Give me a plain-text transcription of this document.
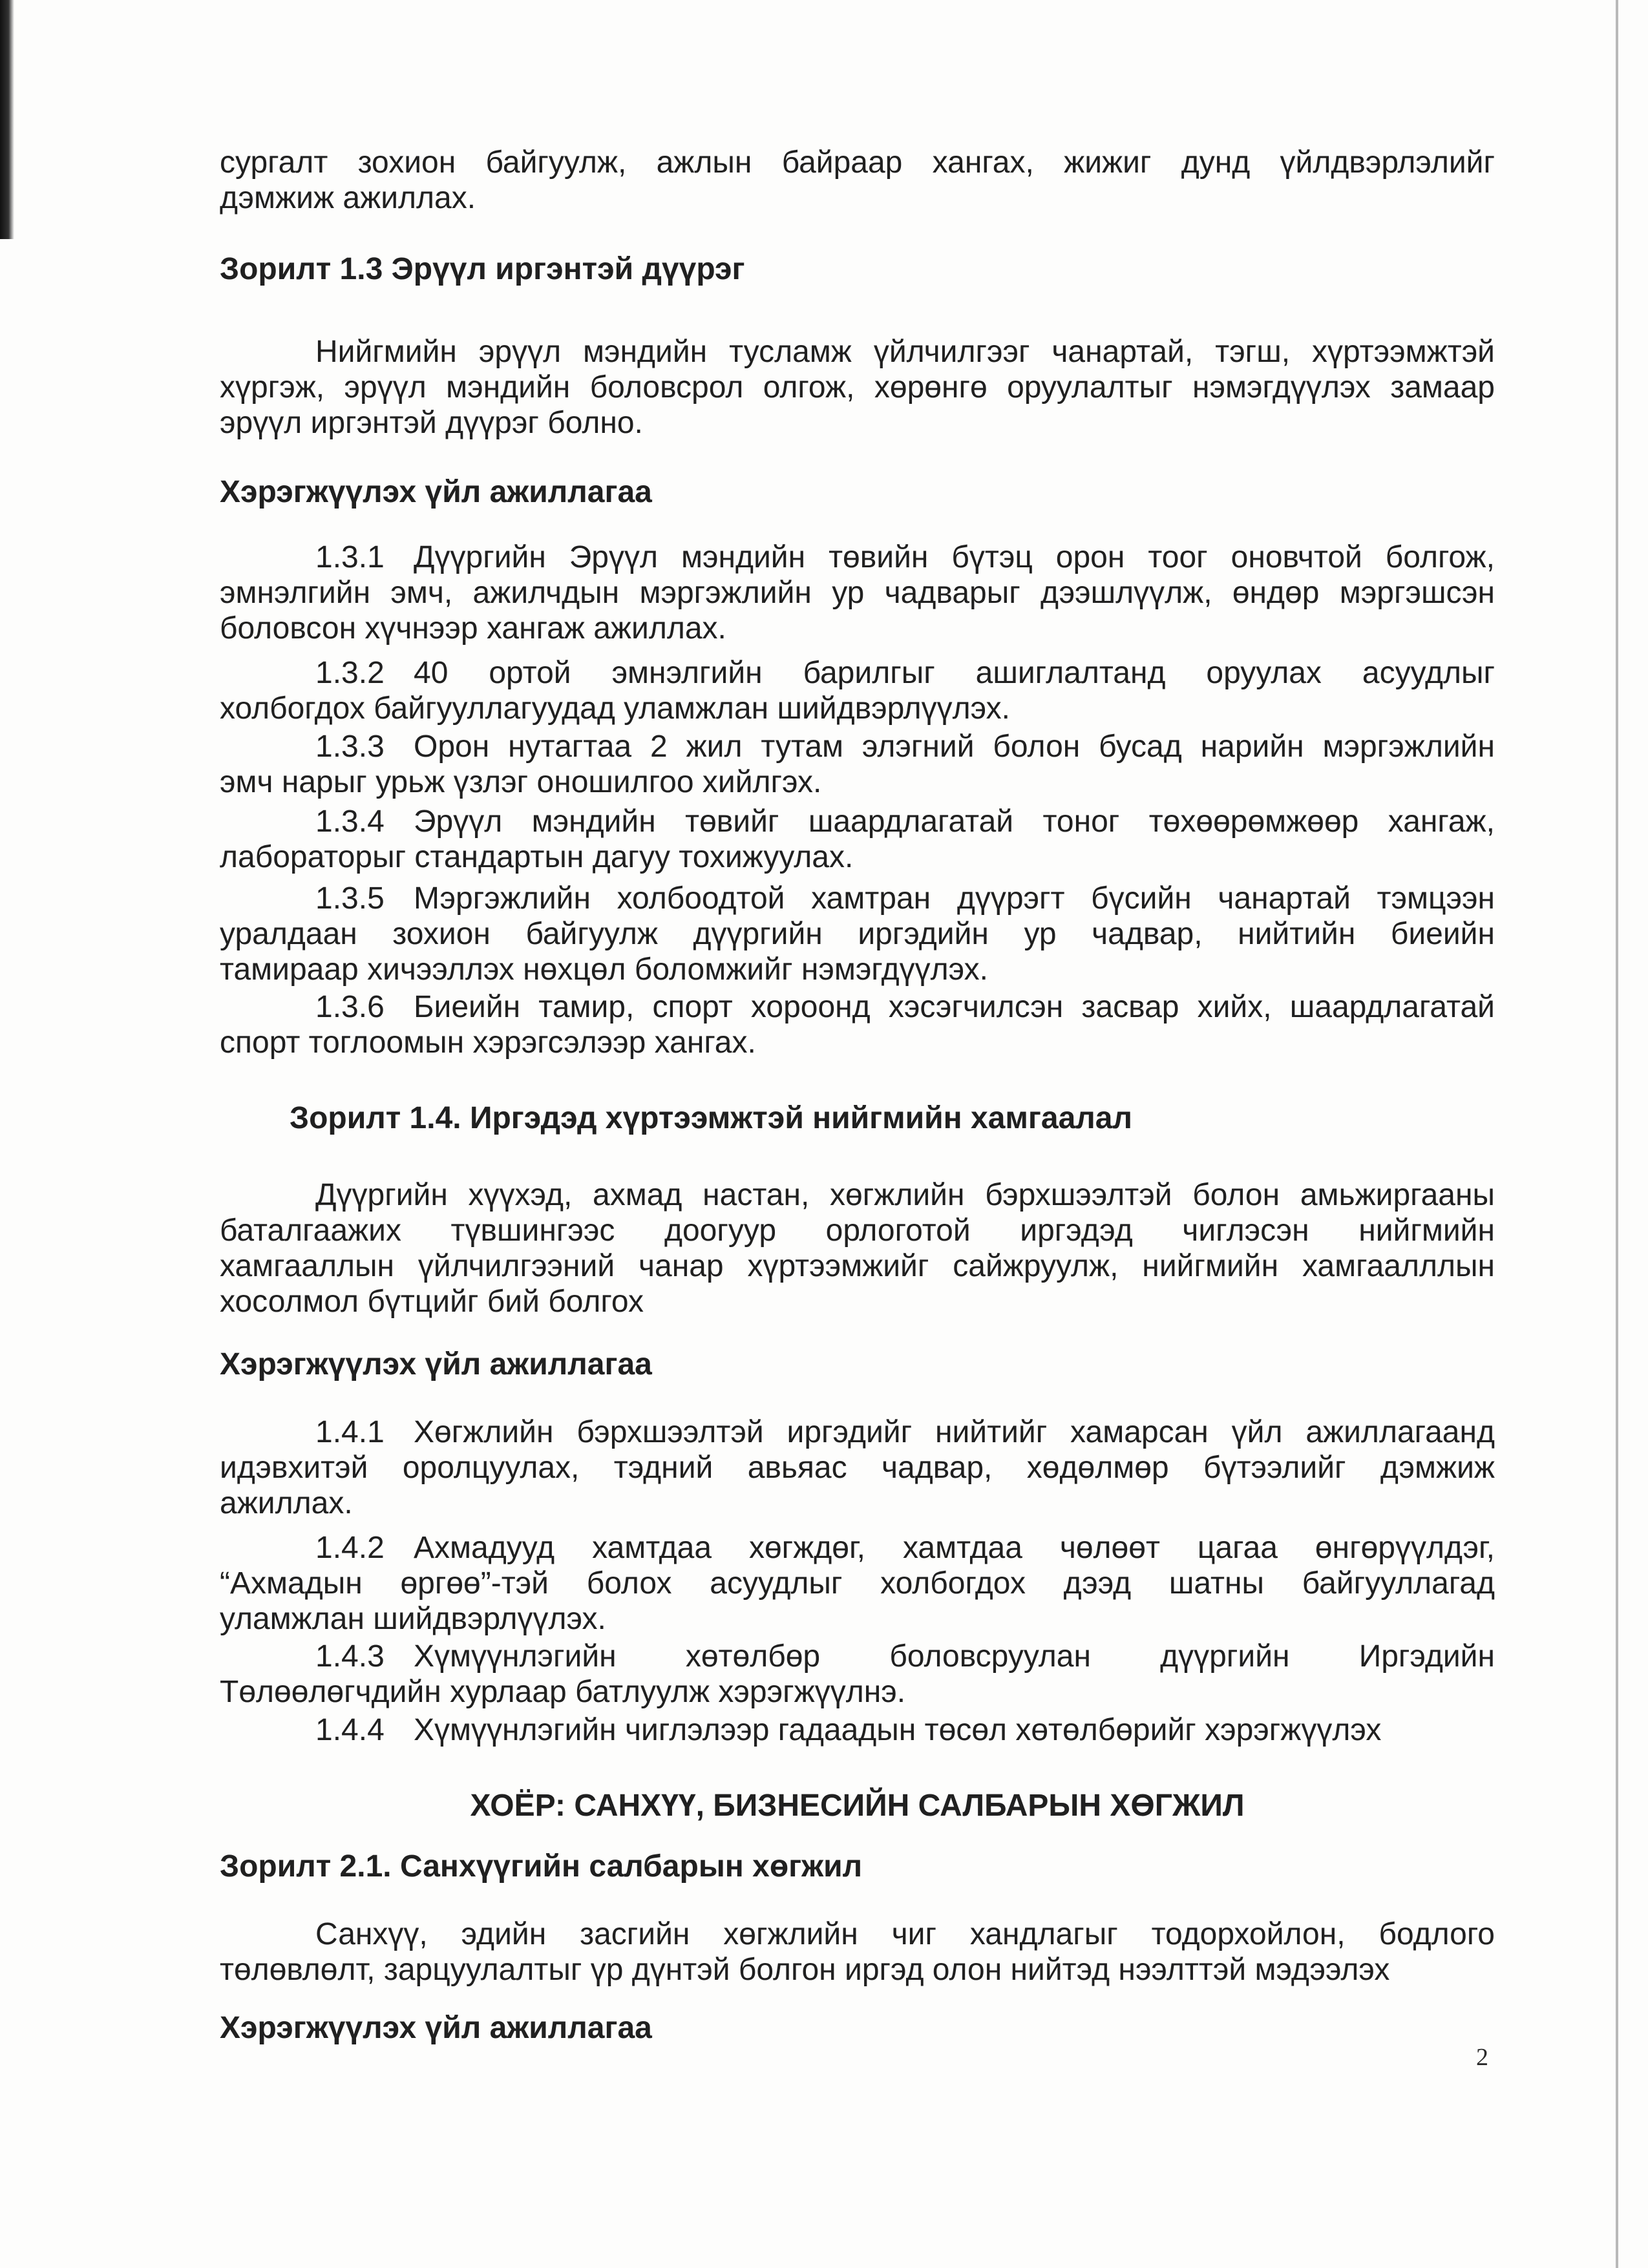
сургалт зохион байгуулж, ажлын байраар хангах, жижиг дунд үйлдвэрлэлийг
дэмжиж ажиллах.
Зорилт 1.3 Эрүүл иргэнтэй дүүрэг
Нийгмийн эрүүл мэндийн тусламж үйлчилгээг чанартай, тэгш, хүртээмжтэй
хүргэж, эрүүл мэндийн боловсрол олгож, хөрөнгө оруулалтыг нэмэгдүүлэх замаар
эрүүл иргэнтэй дүүрэг болно.
Хэрэгжүүлэх үйл ажиллагаа
1.3.1 Дүүргийн Эрүүл мэндийн төвийн бүтэц орон тоог оновчтой болгож,
эмнэлгийн эмч, ажилчдын мэргэжлийн ур чадварыг дээшлүүлж, өндөр мэргэшсэн
боловсон хүчнээр хангаж ажиллах.
1.3.2 40 ортой эмнэлгийн барилгыг ашиглалтанд оруулах асуудлыг
холбогдох байгууллагуудад уламжлан шийдвэрлүүлэх.
1.3.3 Орон нутагтаа 2 жил тутам элэгний болон бусад нарийн мэргэжлийн
эмч нарыг урьж үзлэг оношилгоо хийлгэх.
1.3.4 Эрүүл мэндийн төвийг шаардлагатай тоног төхөөрөмжөөр хангаж,
лабораторыг стандартын дагуу тохижуулах.
1.3.5 Мэргэжлийн холбоодтой хамтран дүүрэгт бүсийн чанартай тэмцээн
уралдаан зохион байгуулж дүүргийн иргэдийн ур чадвар, нийтийн биеийн
тамираар хичээллэх нөхцөл боломжийг нэмэгдүүлэх.
1.3.6 Биеийн тамир, спорт хороонд хэсэгчилсэн засвар хийх, шаардлагатай
спорт тоглоомын хэрэгсэлээр хангах.
Зорилт 1.4. Иргэдэд хүртээмжтэй нийгмийн хамгаалал
Дүүргийн хүүхэд, ахмад настан, хөгжлийн бэрхшээлтэй болон амьжиргааны
баталгаажих түвшингээс доогуур орлоготой иргэдэд чиглэсэн нийгмийн
хамгааллын үйлчилгээний чанар хүртээмжийг сайжруулж, нийгмийн хамгаалллын
хосолмол бүтцийг бий болгох
Хэрэгжүүлэх үйл ажиллагаа
1.4.1 Хөгжлийн бэрхшээлтэй иргэдийг нийтийг хамарсан үйл ажиллагаанд
идэвхитэй оролцуулах, тэдний авьяас чадвар, хөдөлмөр бүтээлийг дэмжиж
ажиллах.
1.4.2 Ахмадууд хамтдаа хөгждөг, хамтдаа чөлөөт цагаа өнгөрүүлдэг,
“Ахмадын өргөө”-тэй болох асуудлыг холбогдох дээд шатны байгууллагад
уламжлан шийдвэрлүүлэх.
1.4.3 Хүмүүнлэгийн хөтөлбөр боловсруулан дүүргийн Иргэдийн
Төлөөлөгчдийн хурлаар батлуулж хэрэгжүүлнэ.
1.4.4 Хүмүүнлэгийн чиглэлээр гадаадын төсөл хөтөлбөрийг хэрэгжүүлэх
ХОЁР: САНХҮҮ, БИЗНЕСИЙН САЛБАРЫН ХӨГЖИЛ
Зорилт 2.1. Санхүүгийн салбарын хөгжил
Санхүү, эдийн засгийн хөгжлийн чиг хандлагыг тодорхойлон, бодлого
төлөвлөлт, зарцуулалтыг үр дүнтэй болгон иргэд олон нийтэд нээлттэй мэдээлэх
Хэрэгжүүлэх үйл ажиллагаа
2
